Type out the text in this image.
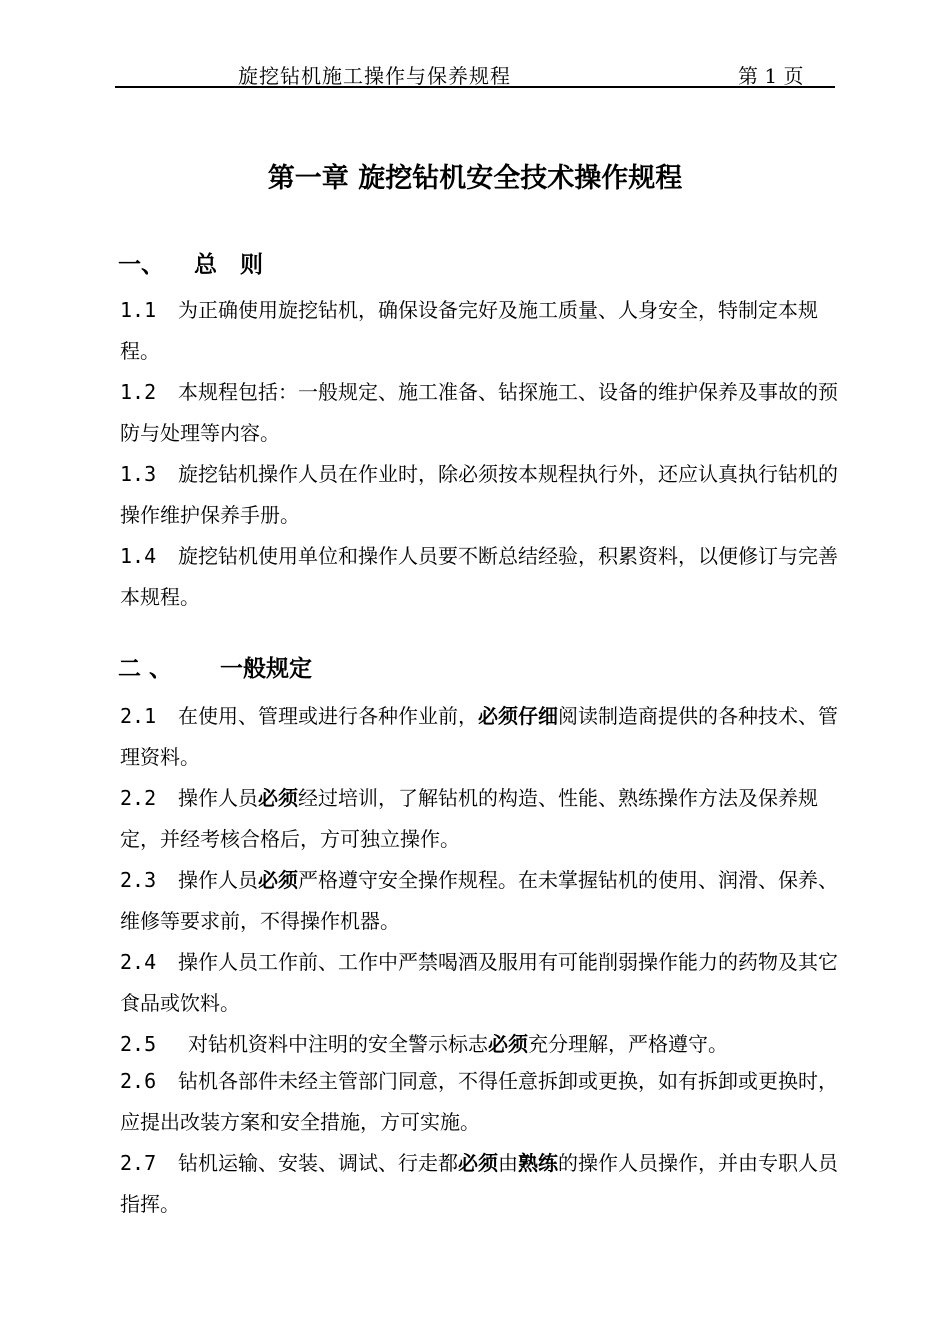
旋挖钻机施工操作与保养规程	第 1 页
第一章 旋挖钻机安全技术操作规程
一、 总　则
1.1 为正确使用旋挖钻机，确保设备完好及施工质量、人身安全，特制定本规程。
1.2 本规程包括：一般规定、施工准备、钻探施工、设备的维护保养及事故的预防与处理等内容。
1.3 旋挖钻机操作人员在作业时，除必须按本规程执行外，还应认真执行钻机的操作维护保养手册。
1.4 旋挖钻机使用单位和操作人员要不断总结经验，积累资料，以便修订与完善本规程。
二 、 一般规定
2.1 在使用、管理或进行各种作业前，必须仔细阅读制造商提供的各种技术、管理资料。
2.2 操作人员必须经过培训，了解钻机的构造、性能、熟练操作方法及保养规定，并经考核合格后，方可独立操作。
2.3 操作人员必须严格遵守安全操作规程。在未掌握钻机的使用、润滑、保养、维修等要求前，不得操作机器。
2.4 操作人员工作前、工作中严禁喝酒及服用有可能削弱操作能力的药物及其它食品或饮料。
2.5 对钻机资料中注明的安全警示标志必须充分理解，严格遵守。
2.6 钻机各部件未经主管部门同意，不得任意拆卸或更换，如有拆卸或更换时，应提出改装方案和安全措施，方可实施。
2.7 钻机运输、安装、调试、行走都必须由熟练的操作人员操作，并由专职人员指挥。
